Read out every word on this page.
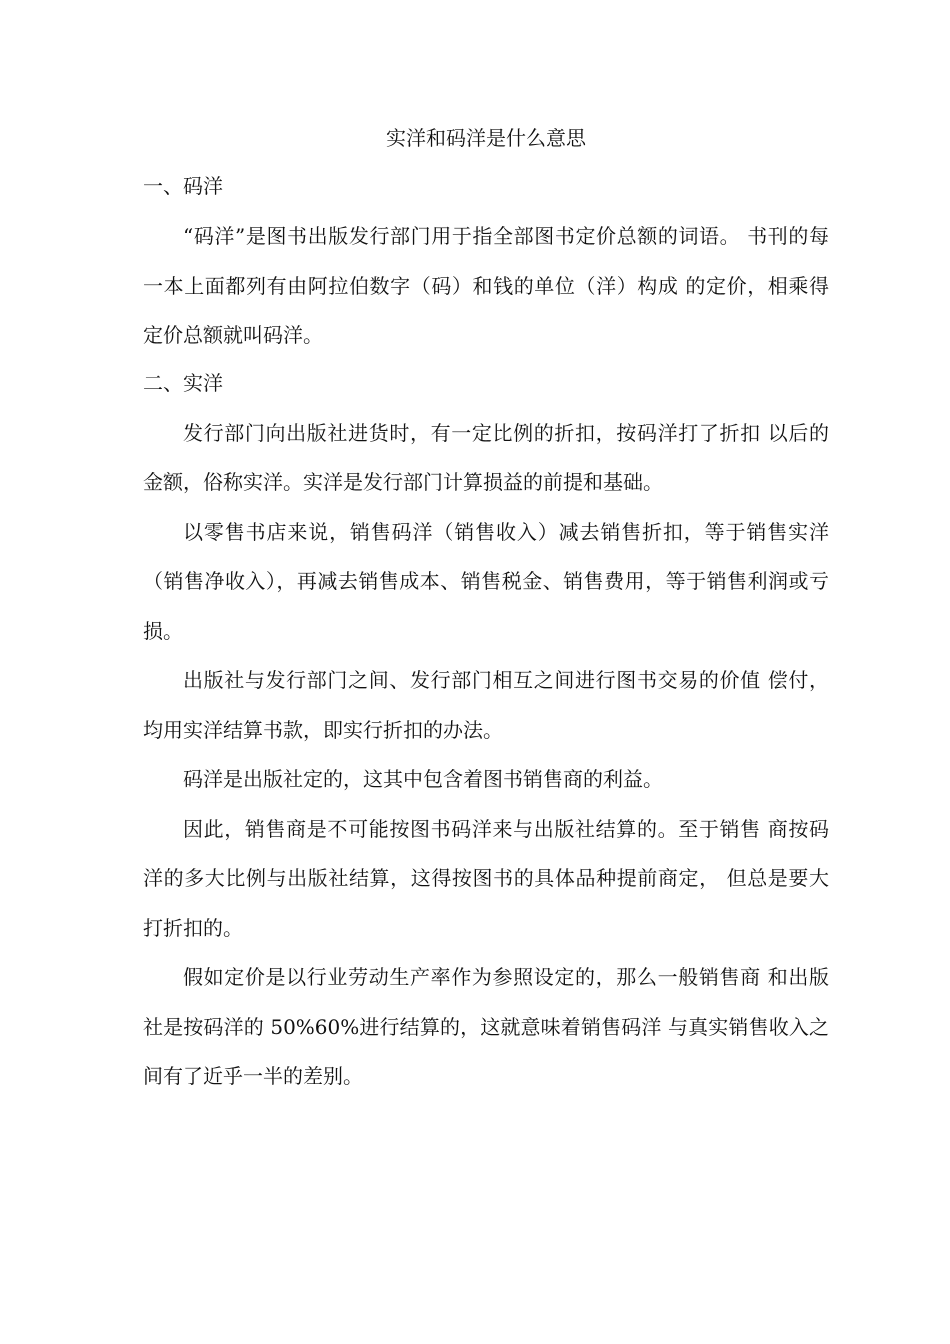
实洋和码洋是什么意思
一、码洋

“码洋”是图书出版发行部门用于指全部图书定价总额的词语。 书刊的每一本上面都列有由阿拉伯数字（码）和钱的单位（洋）构成 的定价，相乘得定价总额就叫码洋。

二、实洋

发行部门向出版社进货时，有一定比例的折扣，按码洋打了折扣 以后的金额，俗称实洋。实洋是发行部门计算损益的前提和基础。

以零售书店来说，销售码洋（销售收入）减去销售折扣，等于销售实洋（销售净收入），再减去销售成本、销售税金、销售费用，等于销售利润或亏损。

出版社与发行部门之间、发行部门相互之间进行图书交易的价值 偿付，均用实洋结算书款，即实行折扣的办法。

码洋是出版社定的，这其中包含着图书销售商的利益。

因此，销售商是不可能按图书码洋来与出版社结算的。至于销售 商按码洋的多大比例与出版社结算，这得按图书的具体品种提前商定， 但总是要大打折扣的。

假如定价是以行业劳动生产率作为参照设定的，那么一般销售商 和出版社是按码洋的 50%60%进行结算的，这就意味着销售码洋 与真实销售收入之间有了近乎一半的差别。
